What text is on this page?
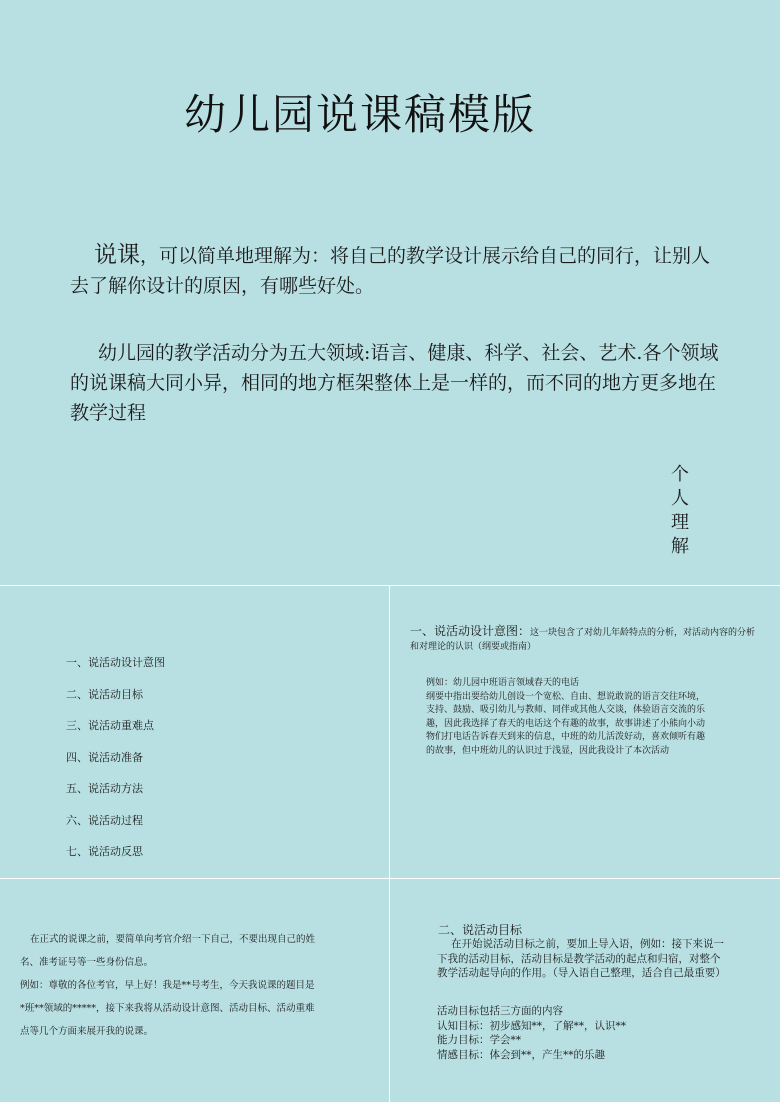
幼儿园说课稿模版
说课，可以简单地理解为：将自己的教学设计展示给自己的同行，让别人去了解你设计的原因，有哪些好处。
幼儿园的教学活动分为五大领域:语言、健康、科学、社会、艺术.各个领域的说课稿大同小异，相同的地方框架整体上是一样的，而不同的地方更多地在教学过程
个
人
理
解
一、说活动设计意图
二、说活动目标
三、说活动重难点
四、说活动准备
五、说活动方法
六、说活动过程
七、说活动反思
一、说活动设计意图：这一块包含了对幼儿年龄特点的分析，对活动内容的分析和对理论的认识（纲要或指南）
例如：幼儿园中班语言领域春天的电话
纲要中指出要给幼儿创设一个宽松、自由、想说敢说的语言交往环境，
支持、鼓励、吸引幼儿与教师、同伴或其他人交谈，体验语言交流的乐
趣，因此我选择了春天的电话这个有趣的故事，故事讲述了小熊向小动
物们打电话告诉春天到来的信息，中班的幼儿活泼好动，喜欢倾听有趣
的故事，但中班幼儿的认识过于浅显，因此我设计了本次活动
在正式的说课之前，要简单向考官介绍一下自己，不要出现自己的姓
名、准考证号等一些身份信息。
例如：尊敬的各位考官，早上好！我是**号考生，今天我说课的题目是
*班**领域的*****，接下来我将从活动设计意图、活动目标、活动重难
点等几个方面来展开我的说课。
二、说活动目标
在开始说活动目标之前，要加上导入语，例如：接下来说一
下我的活动目标，活动目标是教学活动的起点和归宿，对整个
教学活动起导向的作用。（导入语自己整理，适合自己最重要）
活动目标包括三方面的内容
认知目标：初步感知**，了解**，认识**
能力目标：学会**
情感目标：体会到**，产生**的乐趣
